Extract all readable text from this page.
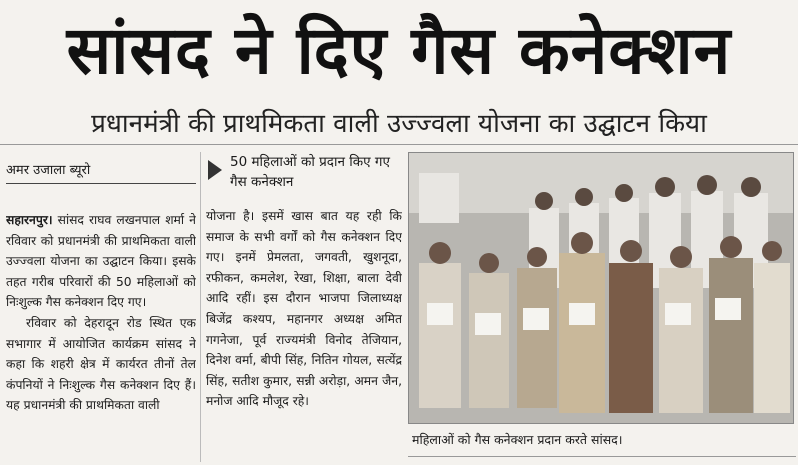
सांसद ने दिए गैस कनेक्शन
प्रधानमंत्री की प्राथमिकता वाली उज्ज्वला योजना का उद्घाटन किया
अमर उजाला ब्यूरो

सहारनपुर। सांसद राघव लखनपाल शर्मा ने रविवार को प्रधानमंत्री की प्राथमिकता वाली उज्ज्वला योजना का उद्घाटन किया। इसके तहत गरीब परिवारों की 50 महिलाओं को निःशुल्क गैस कनेक्शन दिए गए।

रविवार को देहरादून रोड स्थित एक सभागार में आयोजित कार्यक्रम सांसद ने कहा कि शहरी क्षेत्र में कार्यरत तीनों तेल कंपनियों ने निःशुल्क गैस कनेक्शन दिए हैं। यह प्रधानमंत्री की प्राथमिकता वाली

50 महिलाओं को प्रदान किए गए गैस कनेक्शन

योजना है। इसमें खास बात यह रही कि समाज के सभी वर्गों को गैस कनेक्शन दिए गए। इनमें प्रेमलता, जगवती, खुशनूदा, रफीकन, कमलेश, रेखा, शिक्षा, बाला देवी आदि रहीं। इस दौरान भाजपा जिलाध्यक्ष बिजेंद्र कश्यप, महानगर अध्यक्ष अमित गगनेजा, पूर्व राज्यमंत्री विनोद तेजियान, दिनेश वर्मा, बीपी सिंह, नितिन गोयल, सत्येंद्र सिंह, सतीश कुमार, सन्नी अरोड़ा, अमन जैन, मनोज आदि मौजूद रहे।

महिलाओं को गैस कनेक्शन प्रदान करते सांसद।
